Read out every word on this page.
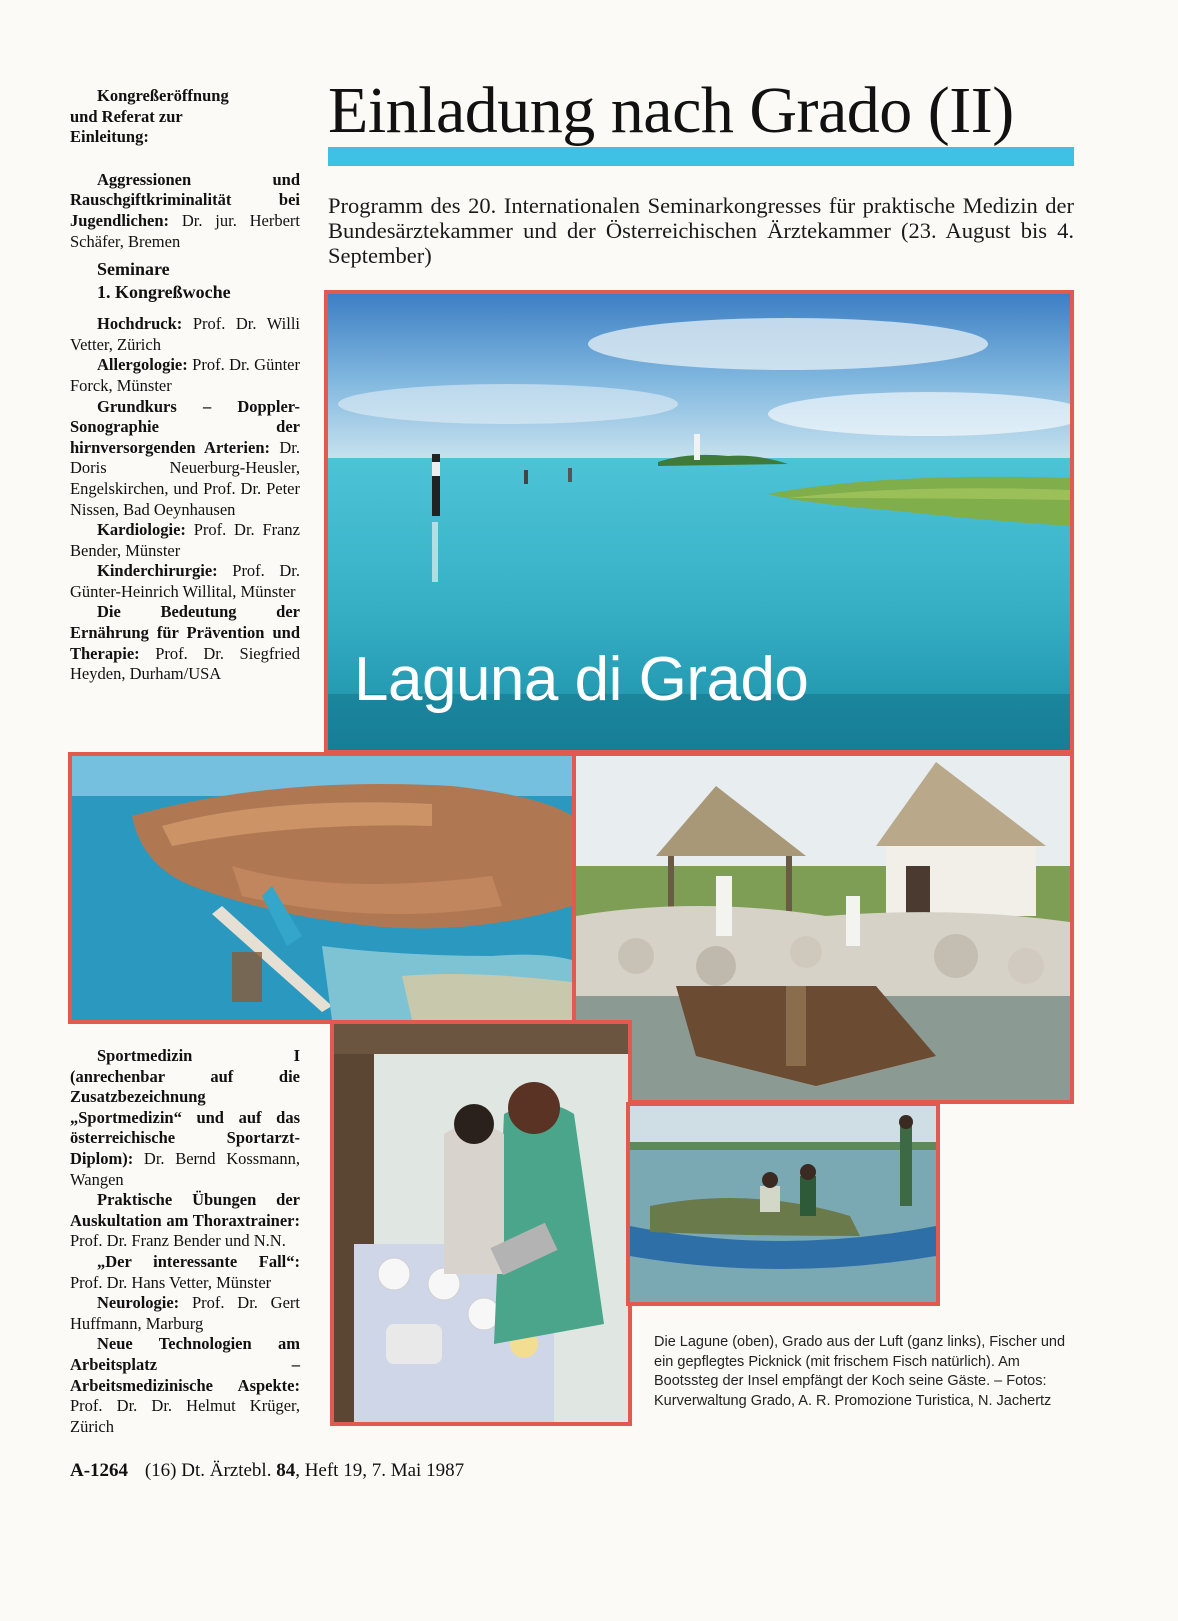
Kongreßeröffnung und Referat zur Einleitung:

Aggressionen und Rauschgiftkriminalität bei Jugendlichen: Dr. jur. Herbert Schäfer, Bremen

Seminare

1. Kongreßwoche

Hochdruck: Prof. Dr. Willi Vetter, Zürich

Allergologie: Prof. Dr. Günter Forck, Münster

Grundkurs – Doppler-Sonographie der hirnversorgenden Arterien: Dr. Doris Neuerburg-Heusler, Engelskirchen, und Prof. Dr. Peter Nissen, Bad Oeynhausen

Kardiologie: Prof. Dr. Franz Bender, Münster

Kinderchirurgie: Prof. Dr. Günter-Heinrich Willital, Münster

Die Bedeutung der Ernährung für Prävention und Therapie: Prof. Dr. Siegfried Heyden, Durham/USA

Einladung nach Grado (II)
Programm des 20. Internationalen Seminarkongresses für praktische Medizin der Bundesärztekammer und der Österreichischen Ärztekammer (23. August bis 4. September)
Laguna di Grado
Die Lagune (oben), Grado aus der Luft (ganz links), Fischer und ein gepflegtes Picknick (mit frischem Fisch natürlich). Am Bootssteg der Insel empfängt der Koch seine Gäste. – Fotos: Kurverwaltung Grado, A. R. Promozione Turistica, N. Jachertz

Sportmedizin I (anrechenbar auf die Zusatzbezeichnung „Sportmedizin“ und auf das österreichische Sportarzt-Diplom): Dr. Bernd Kossmann, Wangen

Praktische Übungen der Auskultation am Thoraxtrainer: Prof. Dr. Franz Bender und N.N.

„Der interessante Fall“: Prof. Dr. Hans Vetter, Münster

Neurologie: Prof. Dr. Gert Huffmann, Marburg

Neue Technologien am Arbeitsplatz – Arbeitsmedizinische Aspekte: Prof. Dr. Dr. Helmut Krüger, Zürich

A-1264 (16) Dt. Ärztebl. 84, Heft 19, 7. Mai 1987
